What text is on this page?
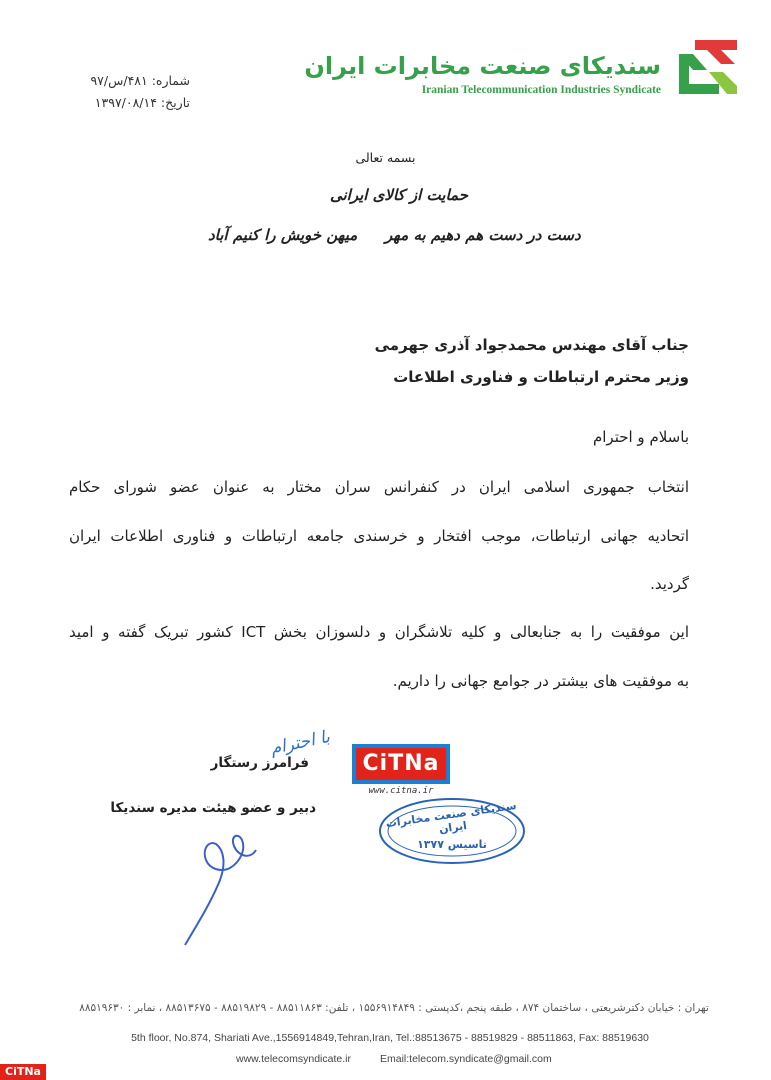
سندیکای صنعت مخابرات ایران
Iranian Telecommunication Industries Syndicate
شماره: ۴۸۱/س/۹۷
تاریخ: ۱۳۹۷/۰۸/۱۴
بسمه تعالی
حمایت از کالای ایرانی
دست در دست هم دهیم به مهر
میهن خویش را کنیم آباد
جناب آقای مهندس محمدجواد آذری جهرمی
وزیر محترم ارتباطات و فناوری اطلاعات
باسلام و احترام
انتخاب جمهوری اسلامی ایران در کنفرانس سران مختار به عنوان عضو شورای حکام
اتحادیه جهانی ارتباطات، موجب افتخار و خرسندی جامعه ارتباطات و فناوری اطلاعات ایران
گردید.
این موفقیت را به جنابعالی و کلیه تلاشگران و دلسوزان بخش ICT کشور تبریک گفته و امید
به موفقیت های بیشتر در جوامع جهانی را داریم.
با احترام
فرامرز رستگار
دبیر و عضو هیئت مدیره سندیکا
CiTNa
www.citna.ir
سندیکای صنعت مخابرات ایران
تاسیس ۱۳۷۷
تهران : خیابان دکترشریعتی ، ساختمان ۸۷۴ ، طبقه پنجم ،کدپستی : ۱۵۵۶۹۱۴۸۴۹ ، تلفن: ۸۸۵۱۱۸۶۳ - ۸۸۵۱۹۸۲۹ - ۸۸۵۱۳۶۷۵ ، نمابر : ۸۸۵۱۹۶۳۰
5th floor, No.874, Shariati Ave.,1556914849,Tehran,Iran, Tel.:88513675 - 88519829 - 88511863, Fax: 88519630
www.telecomsyndicate.ir	Email:telecom.syndicate@gmail.com
CiTNa
